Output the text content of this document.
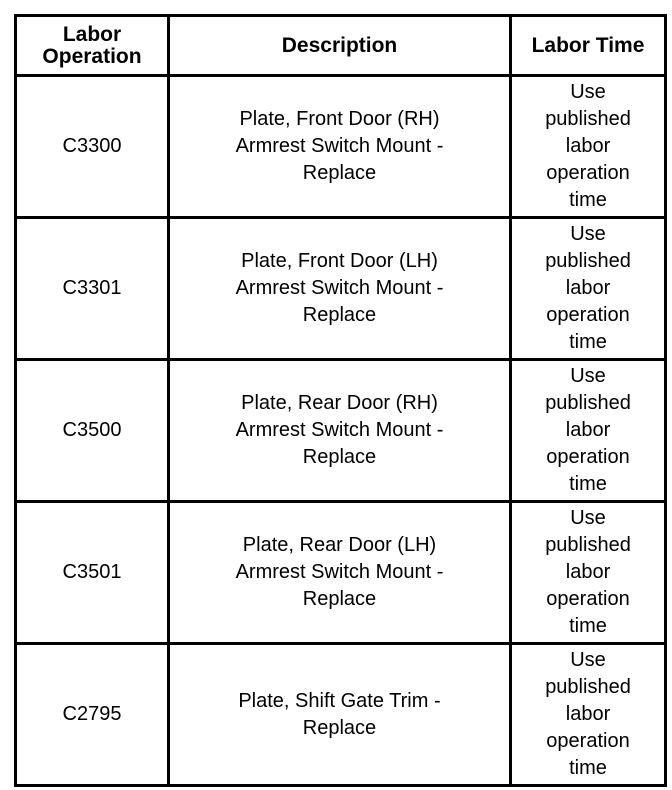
Labor
Operation	Description	Labor Time
C3300	Plate, Front Door (RH)
Armrest Switch Mount -
Replace	Use
published
labor
operation
time

C3301	Plate, Front Door (LH)
Armrest Switch Mount -
Replace	Use
published
labor
operation
time

C3500	Plate, Rear Door (RH)
Armrest Switch Mount -
Replace	Use
published
labor
operation
time

C3501	Plate, Rear Door (LH)
Armrest Switch Mount -
Replace	Use
published
labor
operation
time

C2795	Plate, Shift Gate Trim -
Replace	Use
published
labor
operation
time
